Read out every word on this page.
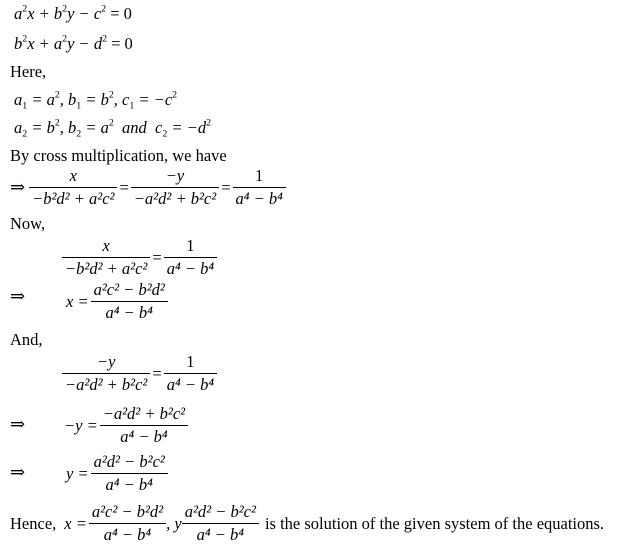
$a^2x + b^2y - c^2 = 0$
$b^2x + a^2y - d^2 = 0$
Here,
$a_1 = a^2$, $b_1 = b^2$, $c_1 = -c^2$
$a_2 = b^2$, $b_2 = a^2$ and  $c_2 = -d^2$
By cross multiplication, we have
⇒ $\frac{x}{\text{−b²d² + a²c²}} = \frac{-y}{\text{−a²d² + b²c²}} = \frac{1}{\text{a⁴ − b⁴}}$
Now,
$\frac{x}{\text{−b²d² + a²c²}} = \frac{1}{\text{a⁴ − b⁴}}$
⇒ $x = \frac{\text{a²c² − b²d²}}{\text{a⁴ − b⁴}}$
And,
$\frac{-y}{\text{−a²d² + b²c²}} = \frac{1}{\text{a⁴ − b⁴}}$
⇒ $-y = \frac{\text{−a²d² + b²c²}}{\text{a⁴ − b⁴}}$
⇒ $y = \frac{\text{a²d² − b²c²}}{\text{a⁴ − b⁴}}$
Hence, $x = \frac{\text{a²c² − b²d²}}{\text{a⁴ − b⁴}}$ , y $\frac{\text{a²d² − b²c²}}{\text{a⁴ − b⁴}}$ is the solution of the given system of the equations.
